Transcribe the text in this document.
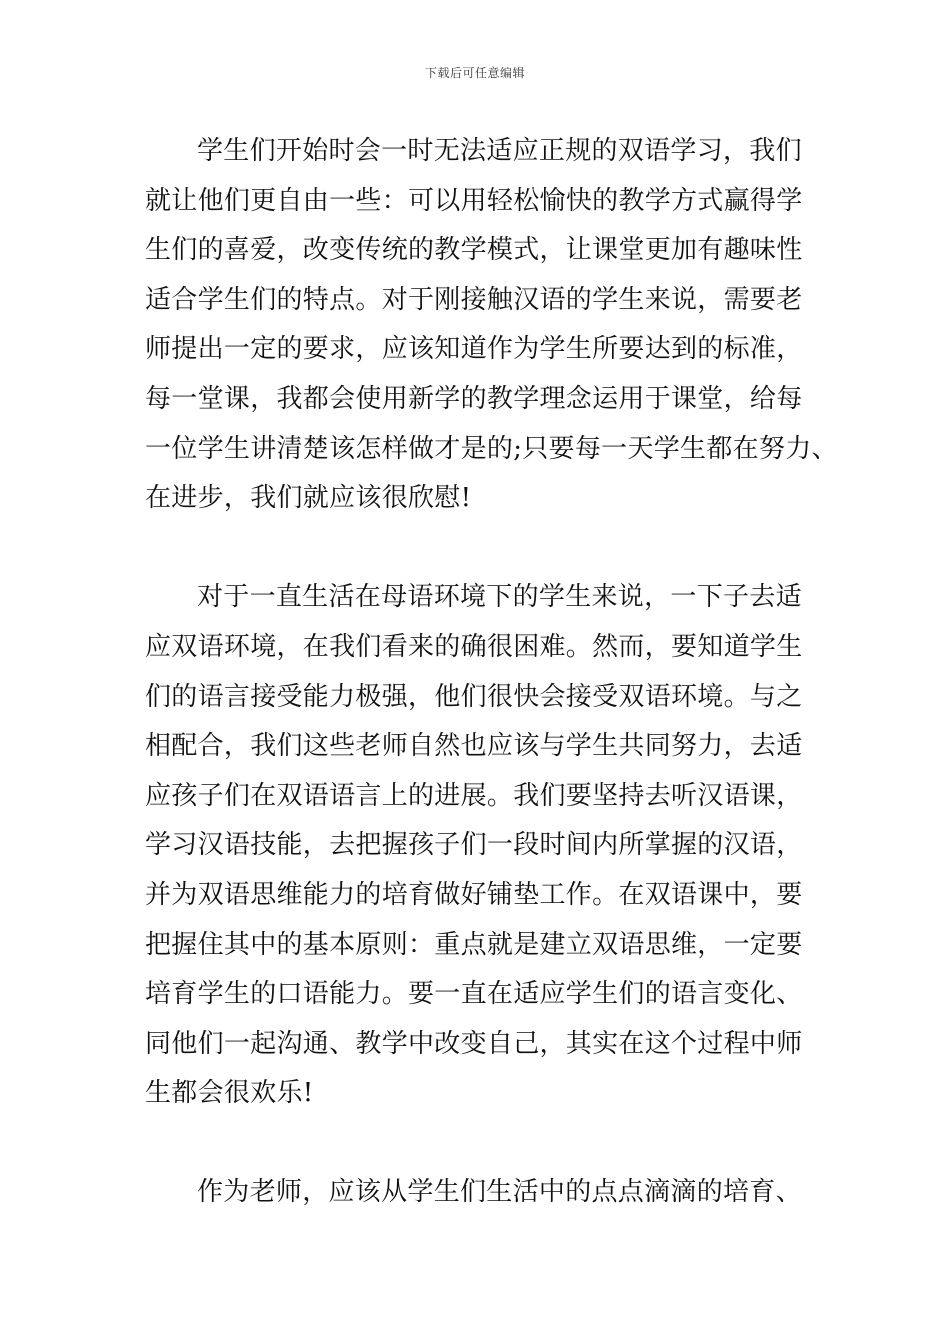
下载后可任意编辑
学生们开始时会一时无法适应正规的双语学习，我们
就让他们更自由一些：可以用轻松愉快的教学方式赢得学
生们的喜爱，改变传统的教学模式，让课堂更加有趣味性
适合学生们的特点。对于刚接触汉语的学生来说，需要老
师提出一定的要求，应该知道作为学生所要达到的标准，
每一堂课，我都会使用新学的教学理念运用于课堂，给每
一位学生讲清楚该怎样做才是的;只要每一天学生都在努力、
在进步，我们就应该很欣慰!
对于一直生活在母语环境下的学生来说，一下子去适
应双语环境，在我们看来的确很困难。然而，要知道学生
们的语言接受能力极强，他们很快会接受双语环境。与之
相配合，我们这些老师自然也应该与学生共同努力，去适
应孩子们在双语语言上的进展。我们要坚持去听汉语课，
学习汉语技能，去把握孩子们一段时间内所掌握的汉语，
并为双语思维能力的培育做好铺垫工作。在双语课中，要
把握住其中的基本原则：重点就是建立双语思维，一定要
培育学生的口语能力。要一直在适应学生们的语言变化、
同他们一起沟通、教学中改变自己，其实在这个过程中师
生都会很欢乐!
作为老师，应该从学生们生活中的点点滴滴的培育、
